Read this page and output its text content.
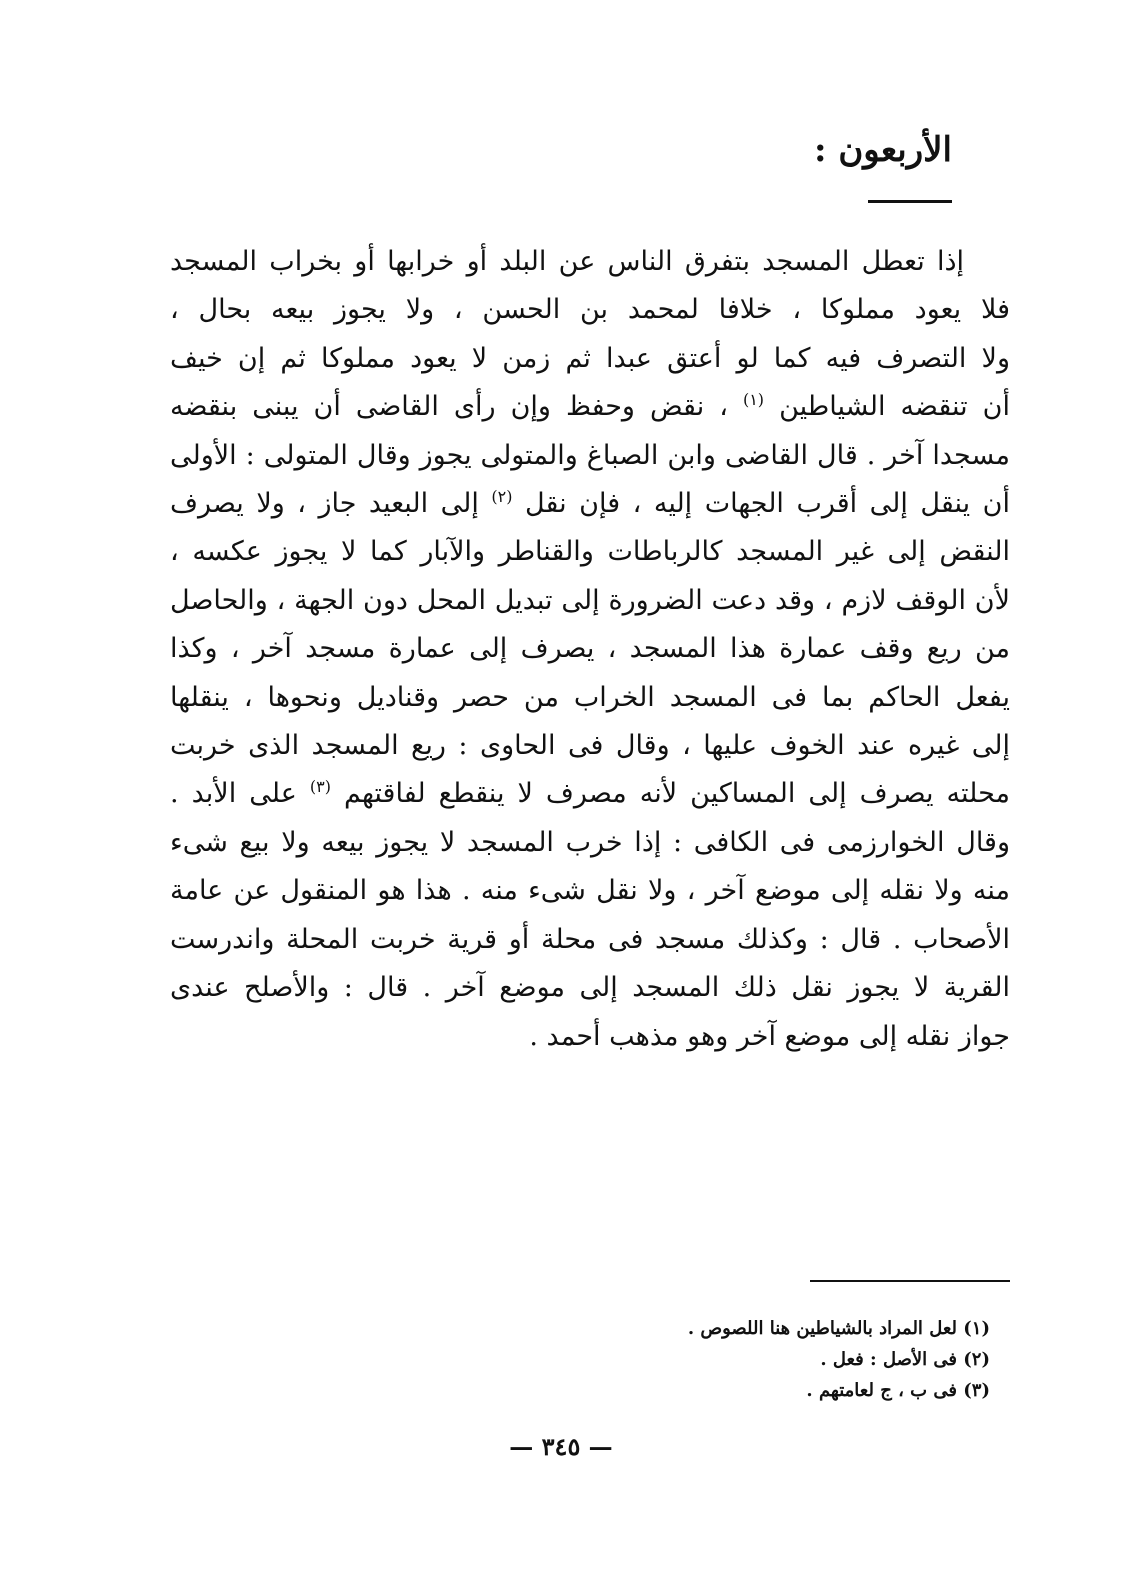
الأربعون :
إذا تعطل المسجد بتفرق الناس عن البلد أو خرابها أو بخراب المسجد
فلا يعود مملوكا ، خلافا لمحمد بن الحسن ، ولا يجوز بيعه بحال ،
ولا التصرف فيه كما لو أعتق عبدا ثم زمن لا يعود مملوكا ثم إن خيف
أن تنقضه الشياطين $^{(١)}$ ، نقض وحفظ وإن رأى القاضى أن يبنى بنقضه
مسجدا آخر . قال القاضى وابن الصباغ والمتولى يجوز وقال المتولى : الأولى
أن ينقل إلى أقرب الجهات إليه ، فإن نقل $^{(٢)}$ إلى البعيد جاز ، ولا يصرف
النقض إلى غير المسجد كالرباطات والقناطر والآبار كما لا يجوز عكسه ،
لأن الوقف لازم ، وقد دعت الضرورة إلى تبديل المحل دون الجهة ، والحاصل
من ريع وقف عمارة هذا المسجد ، يصرف إلى عمارة مسجد آخر ، وكذا
يفعل الحاكم بما فى المسجد الخراب من حصر وقناديل ونحوها ، ينقلها
إلى غيره عند الخوف عليها ، وقال فى الحاوى : ريع المسجد الذى خربت
محلته يصرف إلى المساكين لأنه مصرف لا ينقطع لفاقتهم $^{(٣)}$ على الأبد .
وقال الخوارزمى فى الكافى : إذا خرب المسجد لا يجوز بيعه ولا بيع شىء
منه ولا نقله إلى موضع آخر ، ولا نقل شىء منه . هذا هو المنقول عن عامة
الأصحاب . قال : وكذلك مسجد فى محلة أو قرية خربت المحلة واندرست
القرية لا يجوز نقل ذلك المسجد إلى موضع آخر . قال : والأصلح عندى
جواز نقله إلى موضع آخر وهو مذهب أحمد .
(١) لعل المراد بالشياطين هنا اللصوص .
(٢) فى الأصل : فعل .
(٣) فى ب ، ج لعامتهم .
— ٣٤٥ —
